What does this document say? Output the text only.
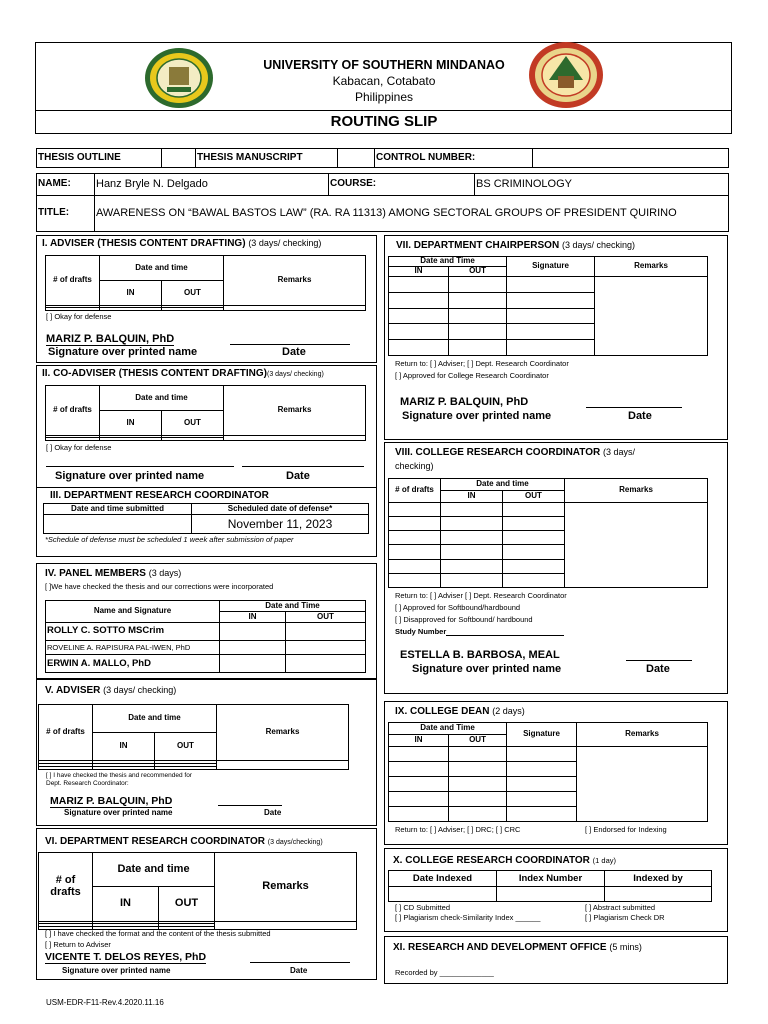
UNIVERSITY OF SOUTHERN MINDANAO
Kabacan, Cotabato
Philippines
ROUTING SLIP
THESIS OUTLINE		THESIS MANUSCRIPT		CONTROL NUMBER:	
NAME:	Hanz Bryle N. Delgado	COURSE:	BS CRIMINOLOGY
TITLE:	AWARENESS ON “BAWAL BASTOS LAW” (RA. RA 11313) AMONG SECTORAL GROUPS OF PRESIDENT QUIRINO		
I. ADVISER (THESIS CONTENT DRAFTING) (3 days/ checking)
# of drafts	Date and time		Remarks
	IN	OUT	

[ ] Okay for defense
MARIZ P. BALQUIN, PhD
Signature over printed name	Date
II. CO-ADVISER (THESIS CONTENT DRAFTING)(3 days/ checking)
# of drafts	Date and time		Remarks
	IN	OUT	

[ ] Okay for defense
Signature over printed name	Date
III. DEPARTMENT RESEARCH COORDINATOR
Date and time submitted	Scheduled date of defense*
	November 11, 2023
*Schedule of defense must be scheduled 1 week after submission of paper
IV. PANEL MEMBERS (3 days)
[ ]We have checked the thesis and our corrections were incorporated
Name and Signature	Date and Time	
	IN	OUT
ROLLY C. SOTTO MSCrim		
ROVELINE A. RAPISURA PAL-IWEN, PhD		
ERWIN A. MALLO, PhD		
V. ADVISER (3 days/ checking)
# of drafts	Date and time		Remarks
	IN	OUT	

[ ] I have checked the thesis and recommended for
Dept. Research Coordinator:
MARIZ P. BALQUIN, PhD
Signature over printed name	Date
VI. DEPARTMENT RESEARCH COORDINATOR (3 days/checking)
# of drafts	Date and time		Remarks
	IN	OUT	

[ ] I have checked the format and the content of the thesis submitted
[ ] Return to Adviser
VICENTE T. DELOS REYES, PhD
Signature over printed name	Date
VII. DEPARTMENT CHAIRPERSON (3 days/ checking)
Date and Time		Signature	Remarks
IN	OUT		

Return to: [ ] Adviser; [ ] Dept. Research Coordinator
[ ] Approved for College Research Coordinator
MARIZ P. BALQUIN, PhD
Signature over printed name	Date
VIII. COLLEGE RESEARCH COORDINATOR (3 days/
checking)
# of drafts	Date and time		Remarks
	IN	OUT	

Return to: [ ] Adviser [ ] Dept. Research Coordinator
[ ] Approved for Softbound/hardbound
[ ] Disapproved for Softbound/ hardbound
Study Number
ESTELLA B. BARBOSA, MEAL
Signature over printed name	Date
IX. COLLEGE DEAN (2 days)
Date and Time		Signature	Remarks
IN	OUT		

Return to: [ ] Adviser; [ ] DRC; [ ] CRC	[ ] Endorsed for Indexing
X. COLLEGE RESEARCH COORDINATOR (1 day)
Date Indexed	Index Number	Indexed by

[ ] CD Submitted	[ ] Abstract submitted
[ ] Plagiarism check-Similarity Index ______	[ ] Plagiarism Check DR
XI. RESEARCH AND DEVELOPMENT OFFICE (5 mins)
Recorded by _____________
USM-EDR-F11-Rev.4.2020.11.16
